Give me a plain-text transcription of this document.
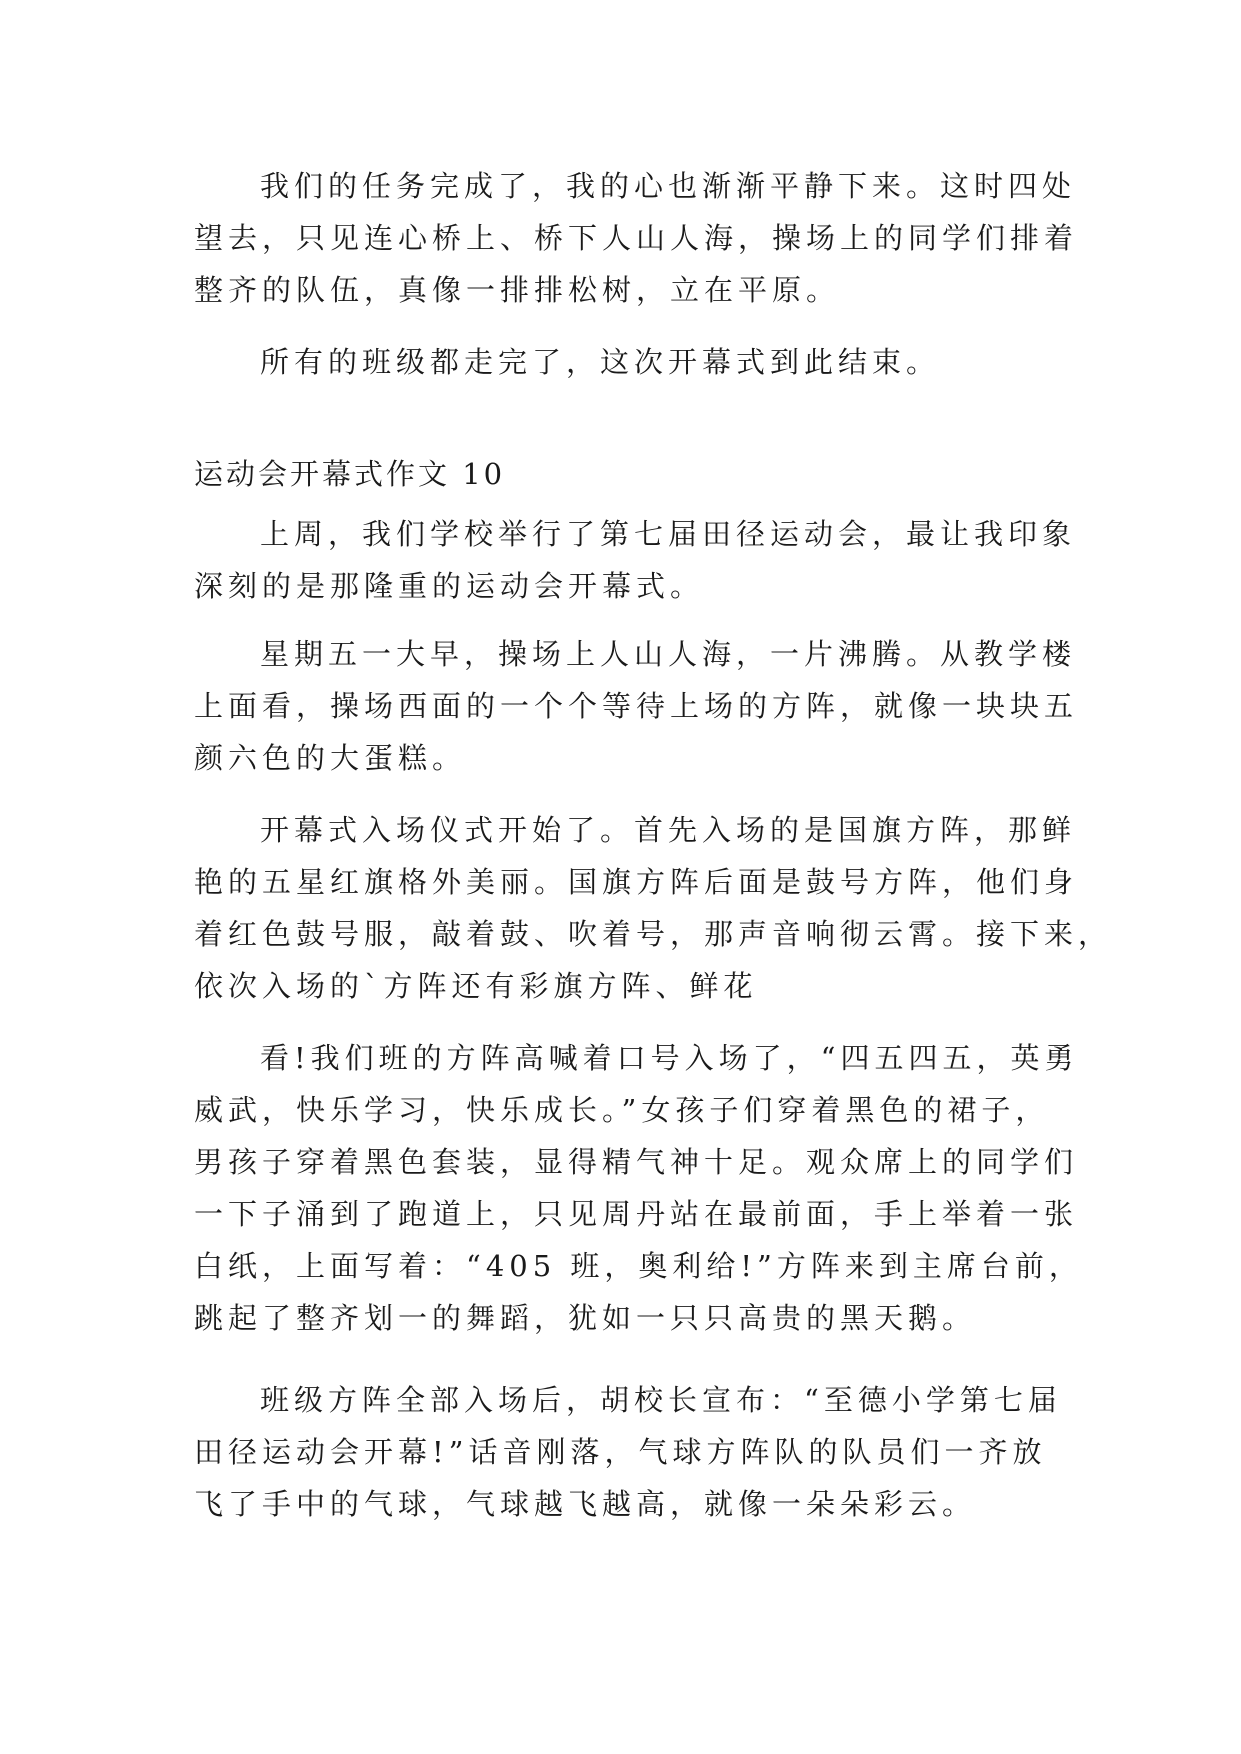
我们的任务完成了，我的心也渐渐平静下来。这时四处
望去，只见连心桥上、桥下人山人海，操场上的同学们排着
整齐的队伍，真像一排排松树，立在平原。
所有的班级都走完了，这次开幕式到此结束。
运动会开幕式作文 10
上周，我们学校举行了第七届田径运动会，最让我印象
深刻的是那隆重的运动会开幕式。
星期五一大早，操场上人山人海，一片沸腾。从教学楼
上面看，操场西面的一个个等待上场的方阵，就像一块块五
颜六色的大蛋糕。
开幕式入场仪式开始了。首先入场的是国旗方阵，那鲜
艳的五星红旗格外美丽。国旗方阵后面是鼓号方阵，他们身
着红色鼓号服，敲着鼓、吹着号，那声音响彻云霄。接下来，
依次入场的`方阵还有彩旗方阵、鲜花
看!我们班的方阵高喊着口号入场了，“四五四五，英勇
威武，快乐学习，快乐成长。”女孩子们穿着黑色的裙子，
男孩子穿着黑色套装，显得精气神十足。观众席上的同学们
一下子涌到了跑道上，只见周丹站在最前面，手上举着一张
白纸，上面写着：“405 班，奥利给!”方阵来到主席台前，
跳起了整齐划一的舞蹈，犹如一只只高贵的黑天鹅。
班级方阵全部入场后，胡校长宣布：“至德小学第七届
田径运动会开幕!”话音刚落，气球方阵队的队员们一齐放
飞了手中的气球，气球越飞越高，就像一朵朵彩云。
